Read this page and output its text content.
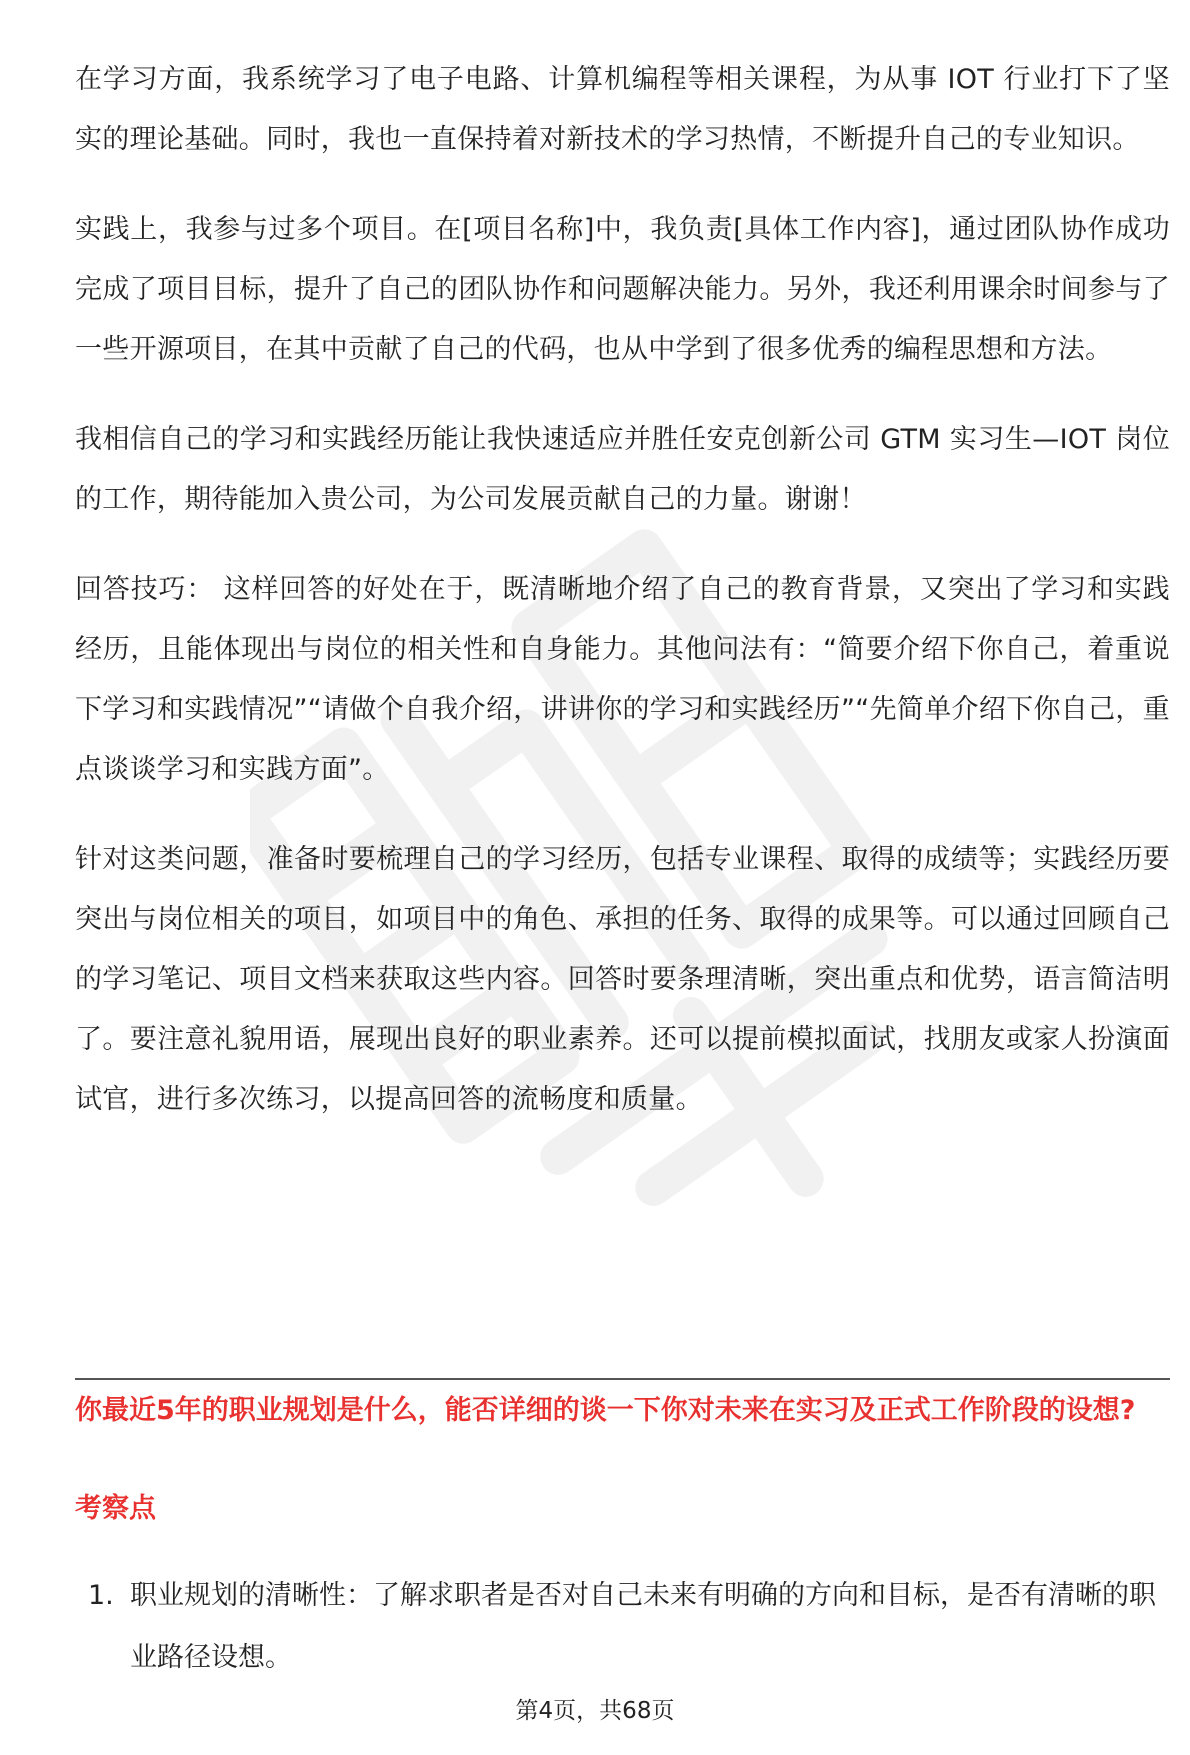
在学习方面，我系统学习了电子电路、计算机编程等相关课程，为从事 IOT 行业打下了坚实的理论基础。同时，我也一直保持着对新技术的学习热情，不断提升自己的专业知识。

实践上，我参与过多个项目。在[项目名称]中，我负责[具体工作内容]，通过团队协作成功完成了项目目标，提升了自己的团队协作和问题解决能力。另外，我还利用课余时间参与了一些开源项目，在其中贡献了自己的代码，也从中学到了很多优秀的编程思想和方法。

我相信自己的学习和实践经历能让我快速适应并胜任安克创新公司 GTM 实习生—IOT 岗位的工作，期待能加入贵公司，为公司发展贡献自己的力量。谢谢！

回答技巧： 这样回答的好处在于，既清晰地介绍了自己的教育背景，又突出了学习和实践经历，且能体现出与岗位的相关性和自身能力。其他问法有：“简要介绍下你自己，着重说下学习和实践情况”“请做个自我介绍，讲讲你的学习和实践经历”“先简单介绍下你自己，重点谈谈学习和实践方面”。

针对这类问题，准备时要梳理自己的学习经历，包括专业课程、取得的成绩等；实践经历要突出与岗位相关的项目，如项目中的角色、承担的任务、取得的成果等。可以通过回顾自己的学习笔记、项目文档来获取这些内容。回答时要条理清晰，突出重点和优势，语言简洁明了。要注意礼貌用语，展现出良好的职业素养。还可以提前模拟面试，找朋友或家人扮演面试官，进行多次练习，以提高回答的流畅度和质量。

你最近5年的职业规划是什么，能否详细的谈一下你对未来在实习及正式工作阶段的设想?
考察点
1. 职业规划的清晰性：了解求职者是否对自己未来有明确的方向和目标，是否有清晰的职业路径设想。
第4页，共68页
